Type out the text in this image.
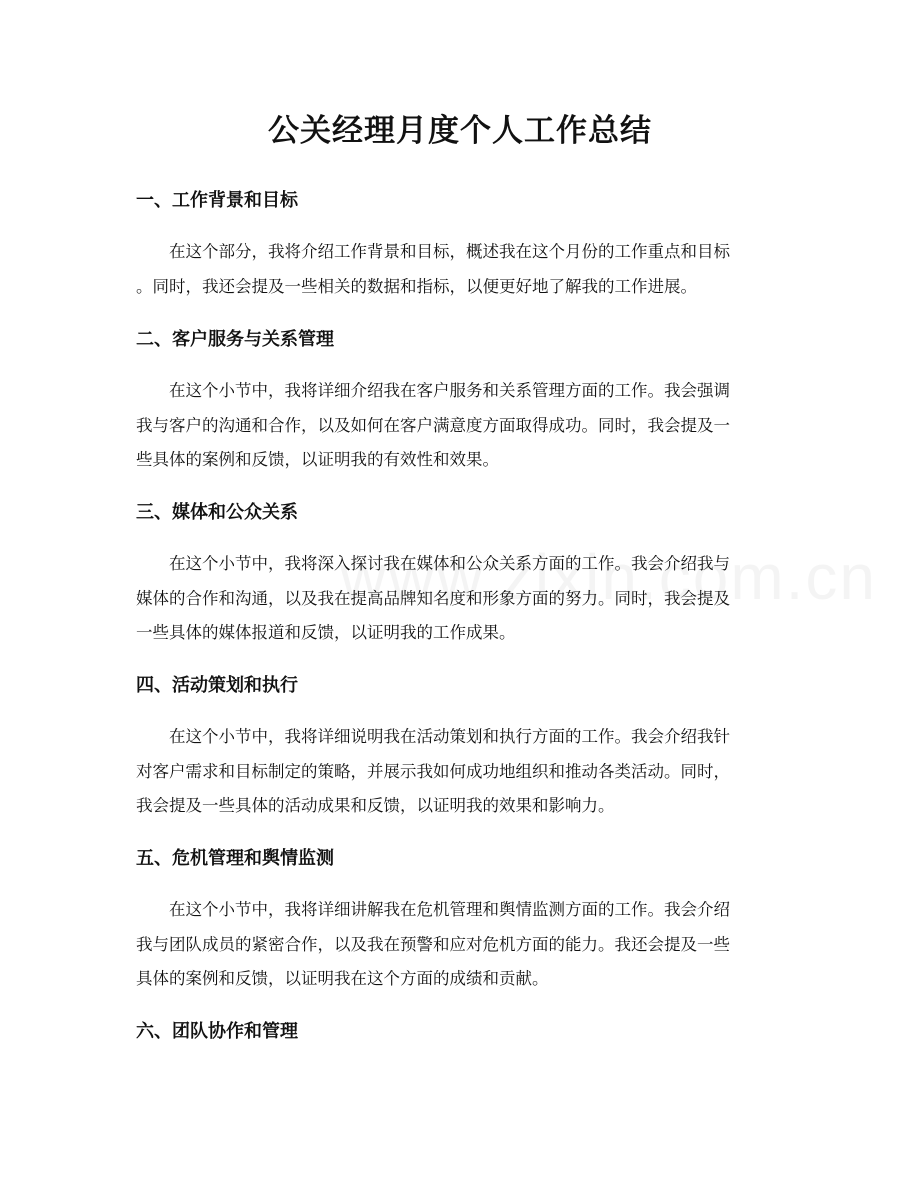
公关经理月度个人工作总结
一、工作背景和目标
在这个部分，我将介绍工作背景和目标，概述我在这个月份的工作重点和目标
。同时，我还会提及一些相关的数据和指标，以便更好地了解我的工作进展。
二、客户服务与关系管理
在这个小节中，我将详细介绍我在客户服务和关系管理方面的工作。我会强调
我与客户的沟通和合作，以及如何在客户满意度方面取得成功。同时，我会提及一
些具体的案例和反馈，以证明我的有效性和效果。
三、媒体和公众关系
在这个小节中，我将深入探讨我在媒体和公众关系方面的工作。我会介绍我与
媒体的合作和沟通，以及我在提高品牌知名度和形象方面的努力。同时，我会提及
一些具体的媒体报道和反馈，以证明我的工作成果。
四、活动策划和执行
在这个小节中，我将详细说明我在活动策划和执行方面的工作。我会介绍我针
对客户需求和目标制定的策略，并展示我如何成功地组织和推动各类活动。同时，
我会提及一些具体的活动成果和反馈，以证明我的效果和影响力。
五、危机管理和舆情监测
在这个小节中，我将详细讲解我在危机管理和舆情监测方面的工作。我会介绍
我与团队成员的紧密合作，以及我在预警和应对危机方面的能力。我还会提及一些
具体的案例和反馈，以证明我在这个方面的成绩和贡献。
六、团队协作和管理
